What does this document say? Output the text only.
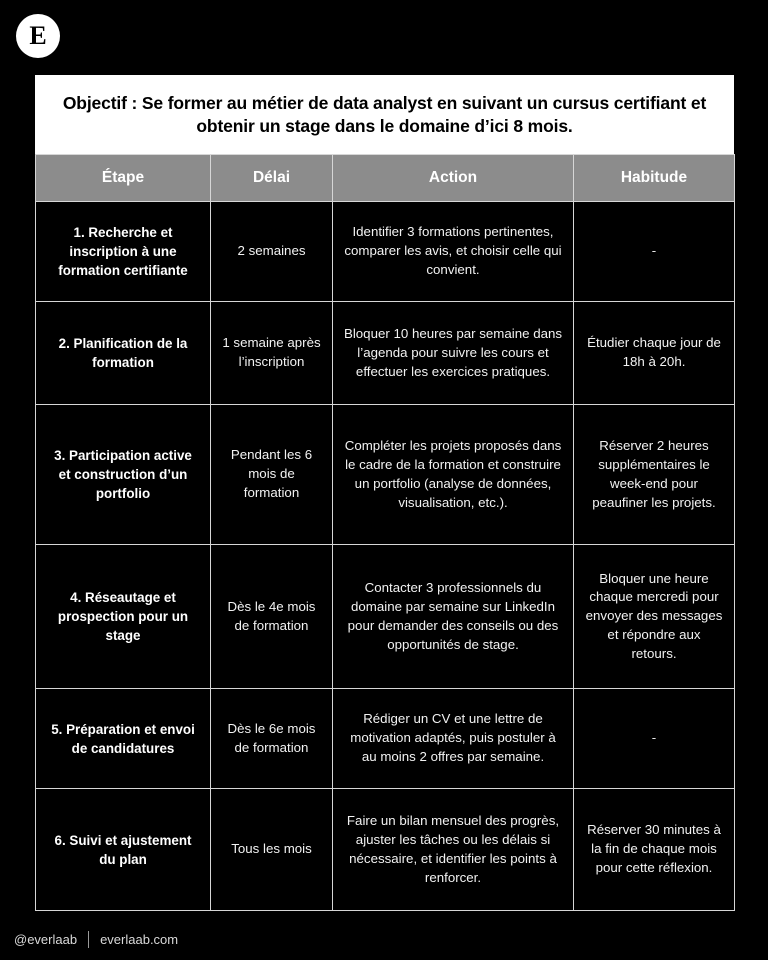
E
Objectif : Se former au métier de data analyst en suivant un cursus certifiant et obtenir un stage dans le domaine d’ici 8 mois.
Étape	Délai	Action	Habitude
1. Recherche et inscription à une formation certifiante	2 semaines	Identifier 3 formations pertinentes, comparer les avis, et choisir celle qui convient.	-
2. Planification de la formation	1 semaine après l’inscription	Bloquer 10 heures par semaine dans l’agenda pour suivre les cours et effectuer les exercices pratiques.	Étudier chaque jour de 18h à 20h.
3. Participation active et construction d’un portfolio	Pendant les 6 mois de formation	Compléter les projets proposés dans le cadre de la formation et construire un portfolio (analyse de données, visualisation, etc.).	Réserver 2 heures supplémentaires le week-end pour peaufiner les projets.
4. Réseautage et prospection pour un stage	Dès le 4e mois de formation	Contacter 3 professionnels du domaine par semaine sur LinkedIn pour demander des conseils ou des opportunités de stage.	Bloquer une heure chaque mercredi pour envoyer des messages et répondre aux retours.
5. Préparation et envoi de candidatures	Dès le 6e mois de formation	Rédiger un CV et une lettre de motivation adaptés, puis postuler à au moins 2 offres par semaine.	-
6. Suivi et ajustement du plan	Tous les mois	Faire un bilan mensuel des progrès, ajuster les tâches ou les délais si nécessaire, et identifier les points à renforcer.	Réserver 30 minutes à la fin de chaque mois pour cette réflexion.
@everlaab everlaab.com
